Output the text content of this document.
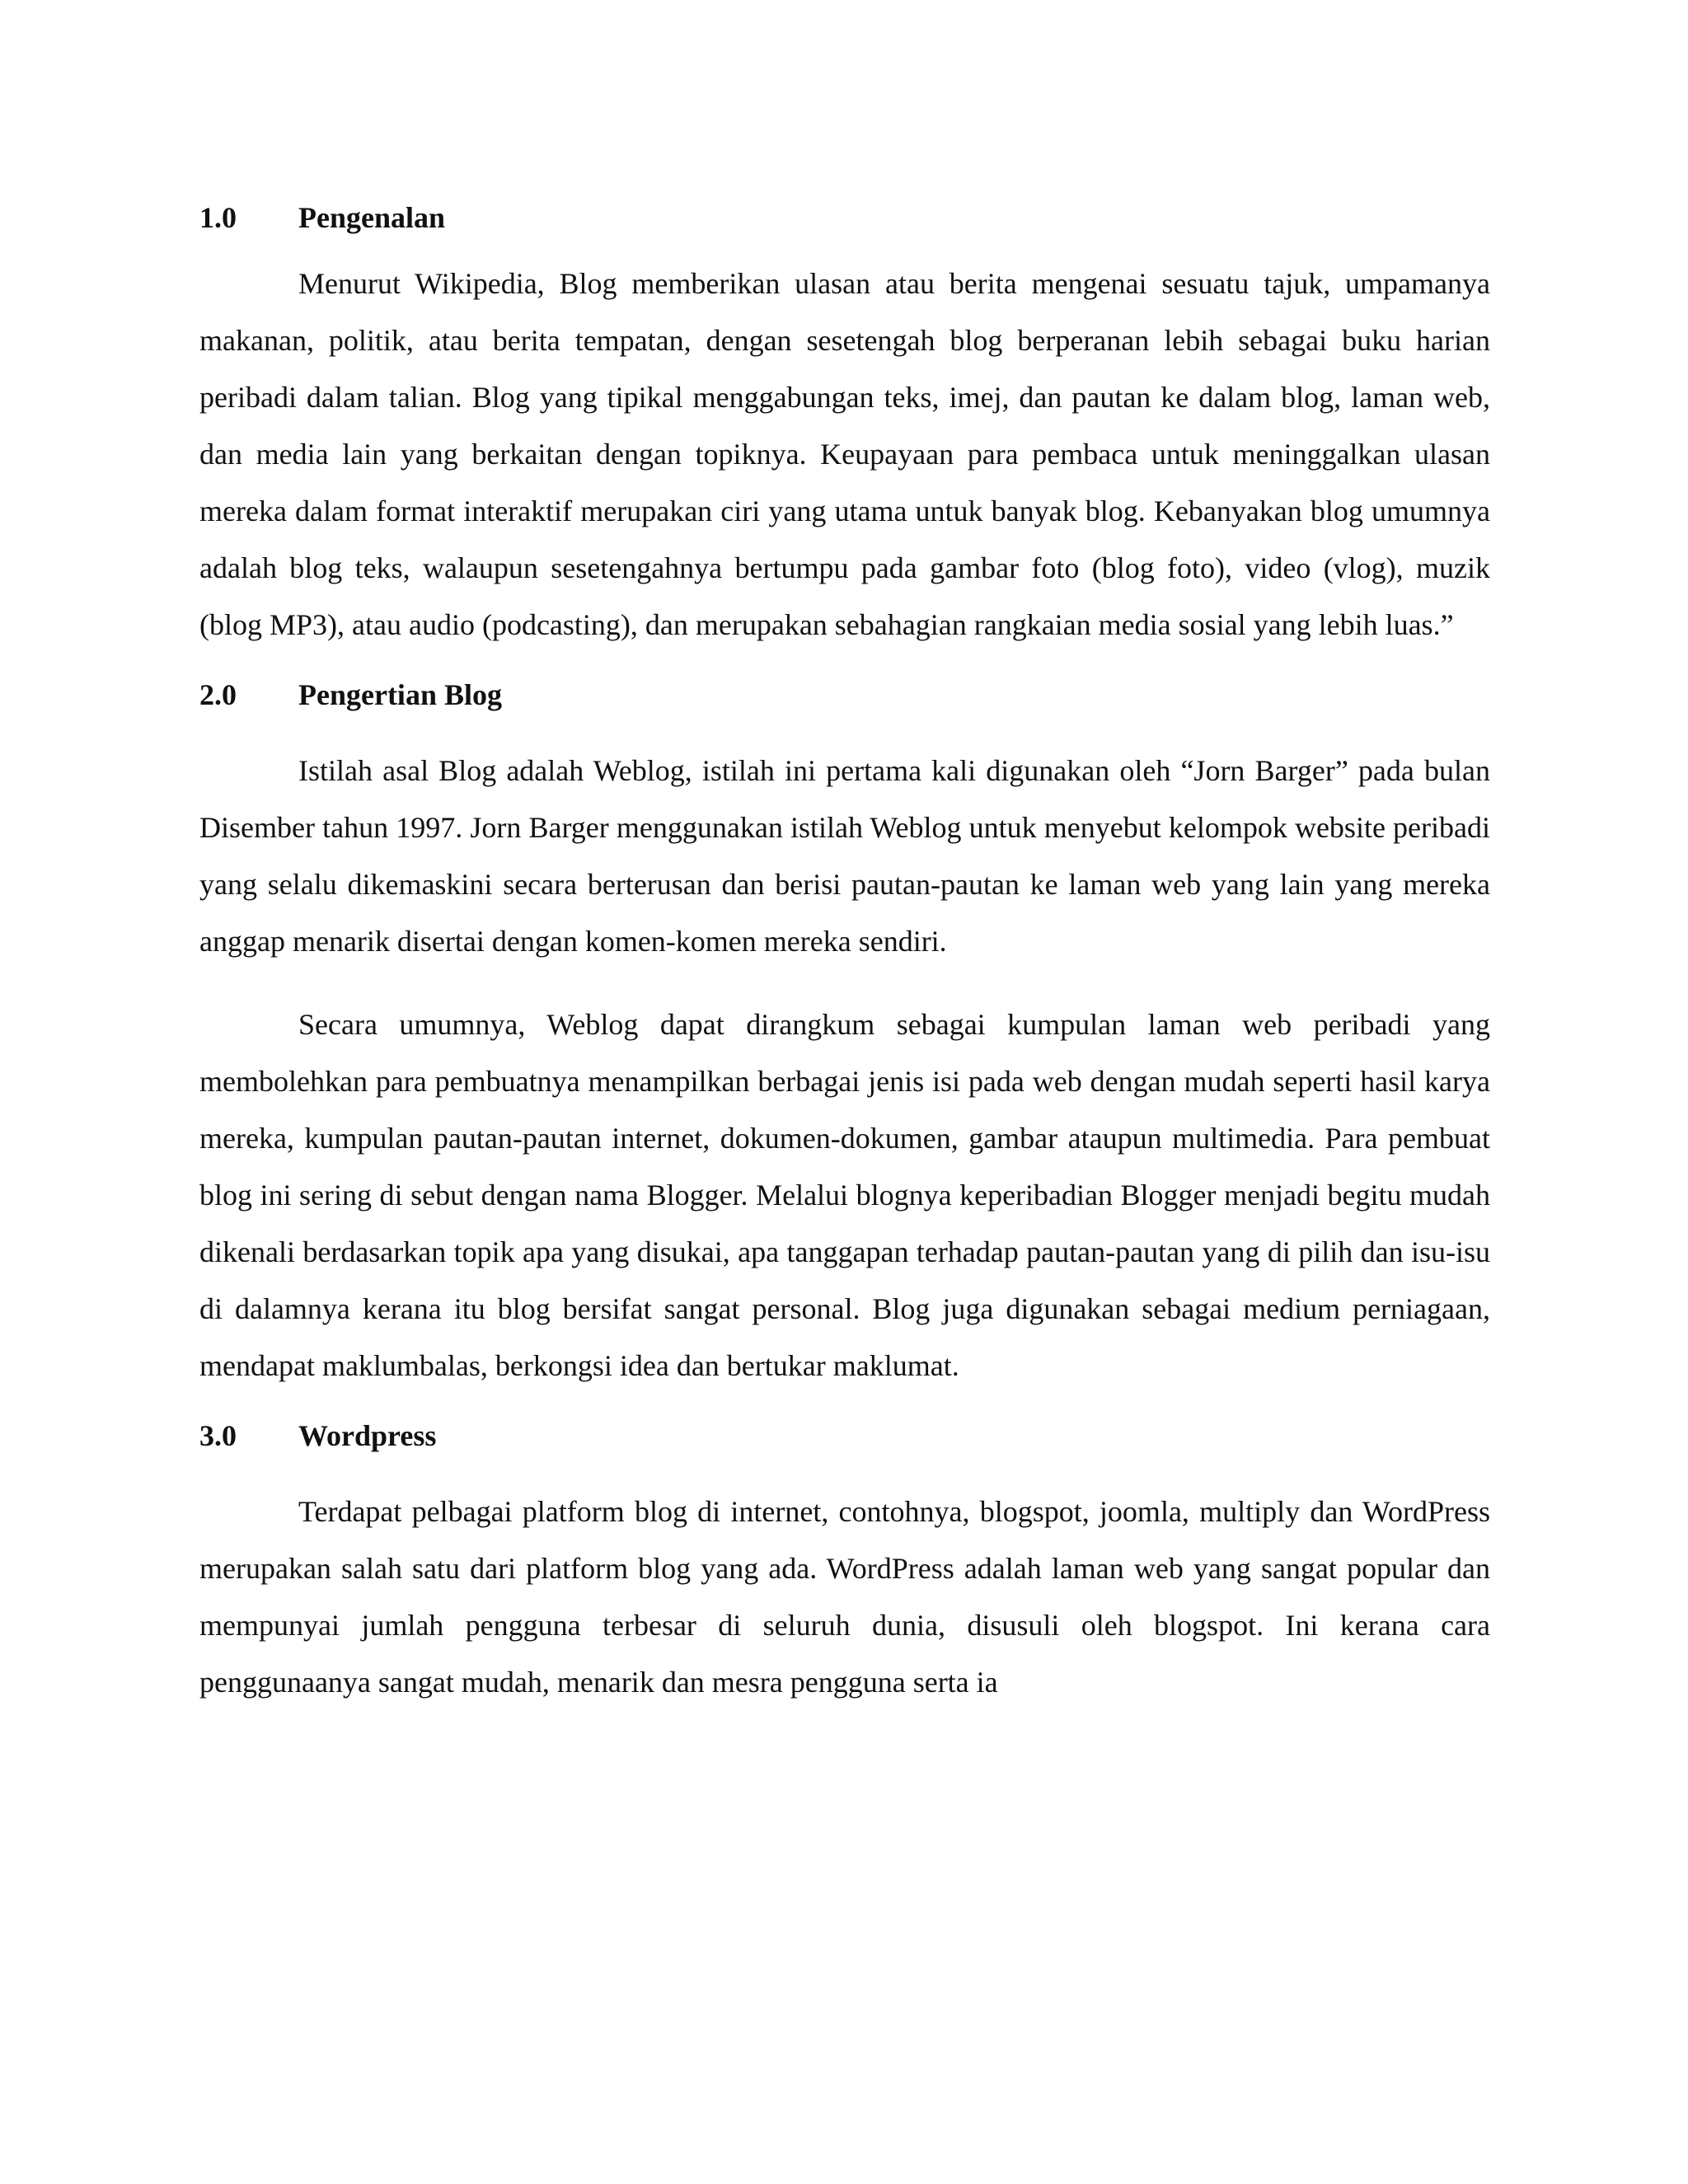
1.0	Pengenalan

Menurut Wikipedia, Blog memberikan ulasan atau berita mengenai sesuatu tajuk, umpamanya makanan, politik, atau berita tempatan, dengan sesetengah blog berperanan lebih sebagai buku harian peribadi dalam talian. Blog yang tipikal menggabungan teks, imej, dan pautan ke dalam blog, laman web, dan media lain yang berkaitan dengan topiknya. Keupayaan para pembaca untuk meninggalkan ulasan mereka dalam format interaktif merupakan ciri yang utama untuk banyak blog. Kebanyakan blog umumnya adalah blog teks, walaupun sesetengahnya bertumpu pada gambar foto (blog foto), video (vlog), muzik (blog MP3), atau audio (podcasting), dan merupakan sebahagian rangkaian media sosial yang lebih luas.”

2.0	Pengertian Blog

Istilah asal Blog adalah Weblog, istilah ini pertama kali digunakan oleh “Jorn Barger” pada bulan Disember tahun 1997. Jorn Barger menggunakan istilah Weblog untuk menyebut kelompok website peribadi yang selalu dikemaskini secara berterusan dan berisi pautan-pautan ke laman web yang lain yang mereka anggap menarik disertai dengan komen-komen mereka sendiri.

Secara umumnya, Weblog dapat dirangkum sebagai kumpulan laman web peribadi yang membolehkan para pembuatnya menampilkan berbagai jenis isi pada web dengan mudah seperti hasil karya mereka, kumpulan pautan-pautan internet, dokumen-dokumen, gambar ataupun multimedia. Para pembuat blog ini sering di sebut dengan nama Blogger. Melalui blognya keperibadian Blogger menjadi begitu mudah dikenali berdasarkan topik apa yang disukai, apa tanggapan terhadap pautan-pautan yang di pilih dan isu-isu di dalamnya kerana itu blog bersifat sangat personal. Blog juga digunakan sebagai medium perniagaan, mendapat maklumbalas, berkongsi idea dan bertukar maklumat.

3.0	Wordpress

Terdapat pelbagai platform blog di internet, contohnya, blogspot, joomla, multiply dan WordPress merupakan salah satu dari platform blog yang ada. WordPress adalah laman web yang sangat popular dan mempunyai jumlah pengguna terbesar di seluruh dunia, disusuli oleh blogspot. Ini kerana cara penggunaanya sangat mudah, menarik dan mesra pengguna serta ia
